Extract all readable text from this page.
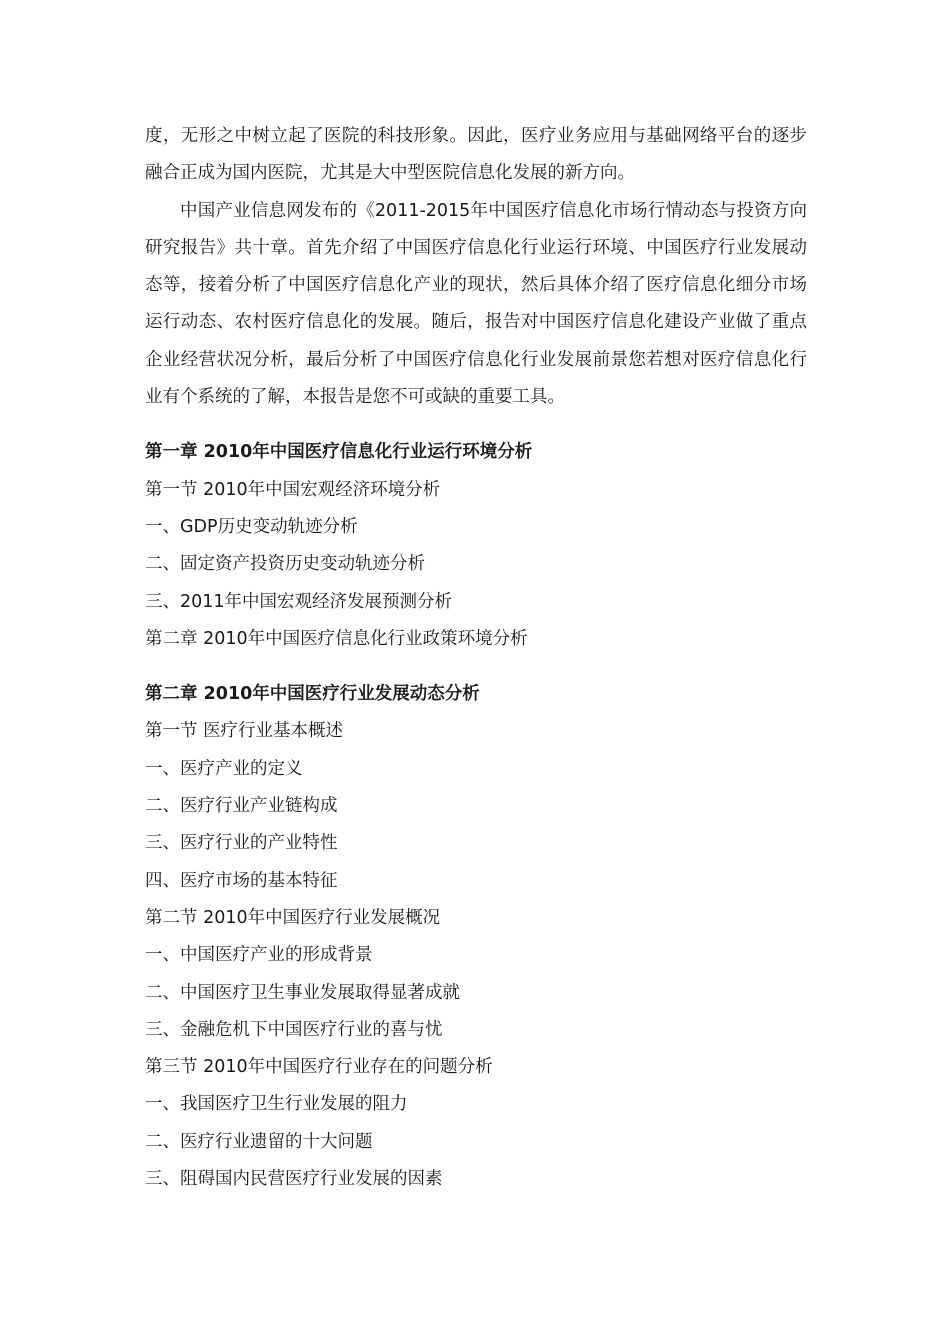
度，无形之中树立起了医院的科技形象。因此，医疗业务应用与基础网络平台的逐步融合正成为国内医院，尤其是大中型医院信息化发展的新方向。

中国产业信息网发布的《2011-2015年中国医疗信息化市场行情动态与投资方向研究报告》共十章。首先介绍了中国医疗信息化行业运行环境、中国医疗行业发展动态等，接着分析了中国医疗信息化产业的现状，然后具体介绍了医疗信息化细分市场运行动态、农村医疗信息化的发展。随后，报告对中国医疗信息化建设产业做了重点企业经营状况分析，最后分析了中国医疗信息化行业发展前景您若想对医疗信息化行业有个系统的了解，本报告是您不可或缺的重要工具。

第一章 2010年中国医疗信息化行业运行环境分析
第一节 2010年中国宏观经济环境分析
一、GDP历史变动轨迹分析
二、固定资产投资历史变动轨迹分析
三、2011年中国宏观经济发展预测分析
第二章 2010年中国医疗信息化行业政策环境分析
第二章 2010年中国医疗行业发展动态分析
第一节 医疗行业基本概述
一、医疗产业的定义
二、医疗行业产业链构成
三、医疗行业的产业特性
四、医疗市场的基本特征
第二节 2010年中国医疗行业发展概况
一、中国医疗产业的形成背景
二、中国医疗卫生事业发展取得显著成就
三、金融危机下中国医疗行业的喜与忧
第三节 2010年中国医疗行业存在的问题分析
一、我国医疗卫生行业发展的阻力
二、医疗行业遗留的十大问题
三、阻碍国内民营医疗行业发展的因素
